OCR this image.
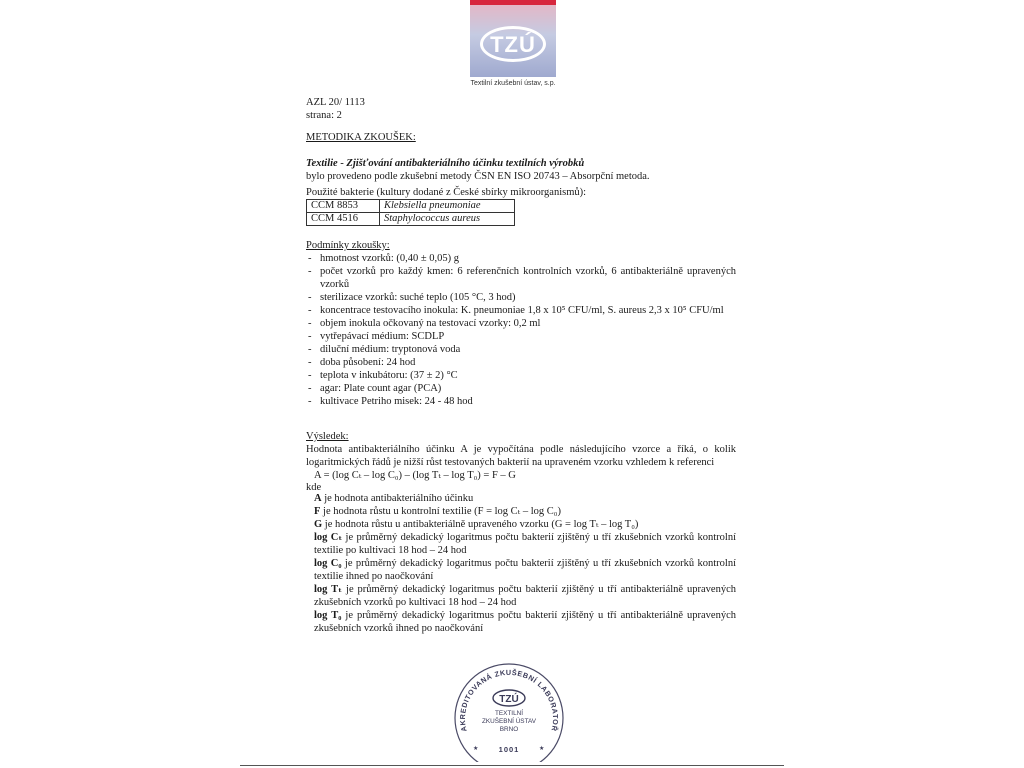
TZÚ
Textilní zkušební ústav, s.p.
AZL 20/ 1113
strana: 2
METODIKA ZKOUŠEK:
Textilie - Zjišťování antibakteriálního účinku textilních výrobků
bylo provedeno podle zkušební metody ČSN EN ISO 20743 – Absorpční metoda.
Použité bakterie (kultury dodané z České sbírky mikroorganismů):
CCM 8853	Klebsiella pneumoniae
CCM 4516	Staphylococcus aureus
Podmínky zkoušky:
- hmotnost vzorků: (0,40 ± 0,05) g
- počet vzorků pro každý kmen: 6 referenčních kontrolních vzorků, 6 antibakteriálně upravených vzorků
- sterilizace vzorků: suché teplo (105 °C, 3 hod)
- koncentrace testovacího inokula: K. pneumoniae 1,8 x 10⁵ CFU/ml, S. aureus 2,3 x 10⁵ CFU/ml
- objem inokula očkovaný na testovací vzorky: 0,2 ml
- vytřepávací médium: SCDLP
- diluční médium: tryptonová voda
- doba působení: 24 hod
- teplota v inkubátoru: (37 ± 2) °C
- agar: Plate count agar (PCA)
- kultivace Petriho misek: 24 - 48 hod
Výsledek:
Hodnota antibakteriálního účinku A je vypočítána podle následujícího vzorce a říká, o kolik logaritmických řádů je nižší růst testovaných bakterií na upraveném vzorku vzhledem k referenci
A = (log Cₜ – log C₀) – (log Tₜ – log T₀) = F – G
kde
A je hodnota antibakteriálního účinku
F je hodnota růstu u kontrolní textilie (F = log Cₜ – log C₀)
G je hodnota růstu u antibakteriálně upraveného vzorku (G = log Tₜ – log T₀)
log Cₜ je průměrný dekadický logaritmus počtu bakterií zjištěný u tří zkušebních vzorků kontrolní textilie po kultivaci 18 hod – 24 hod
log C₀ je průměrný dekadický logaritmus počtu bakterií zjištěný u tří zkušebních vzorků kontrolní textilie ihned po naočkování
log Tₜ je průměrný dekadický logaritmus počtu bakterií zjištěný u tří antibakteriálně upravených zkušebních vzorků po kultivaci 18 hod – 24 hod
log T₀ je průměrný dekadický logaritmus počtu bakterií zjištěný u tří antibakteriálně upravených zkušebních vzorků ihned po naočkování
AKREDITOVANÁ ZKUŠEBNÍ LABORATOŘ
TZÚ
TEXTILNÍ
ZKUŠEBNÍ ÚSTAV
BRNO
1001
★	★
